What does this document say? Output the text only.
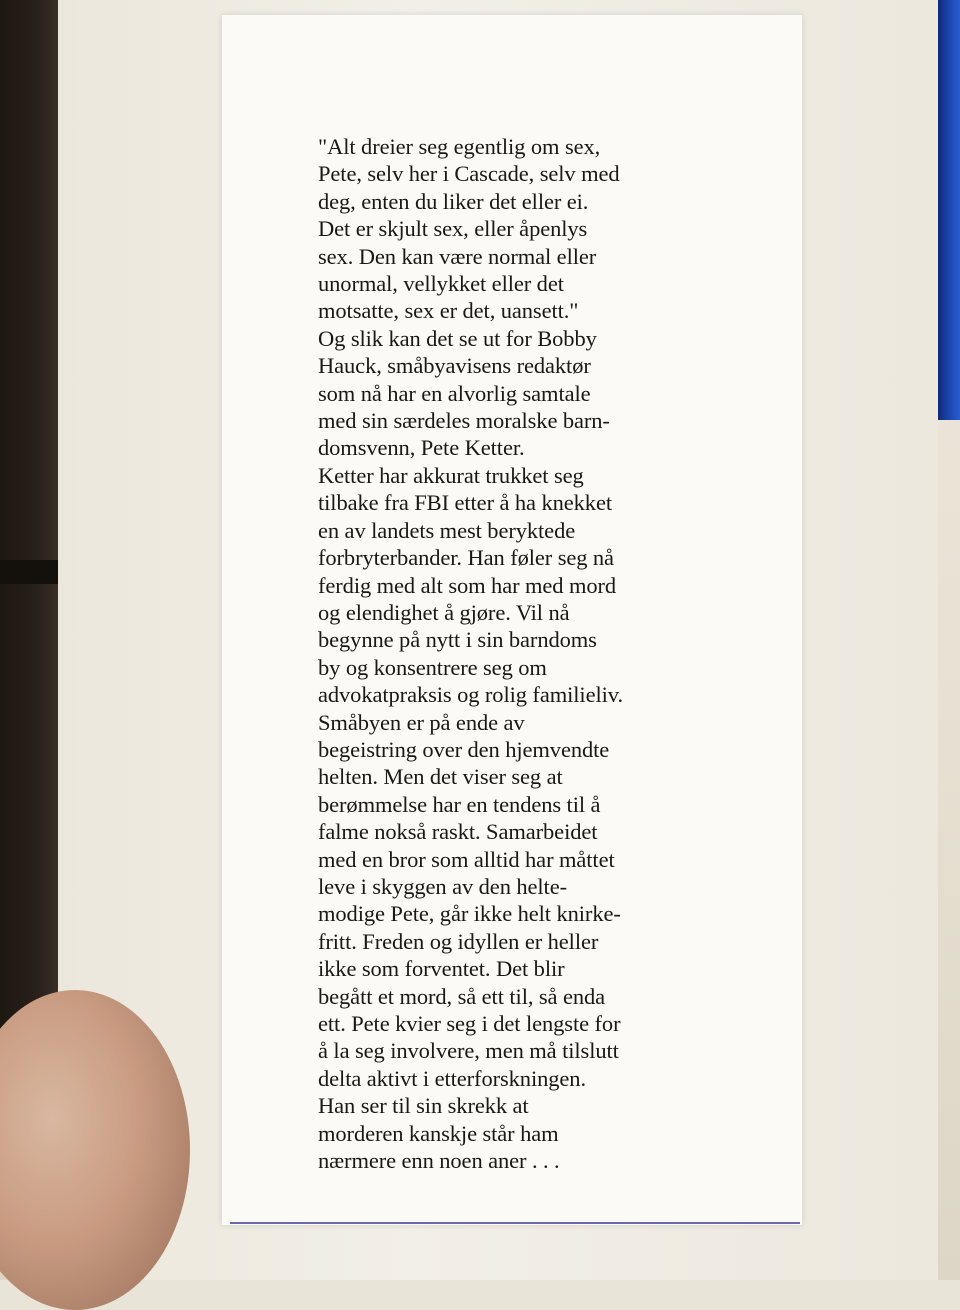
"Alt dreier seg egentlig om sex,
Pete, selv her i Cascade, selv med
deg, enten du liker det eller ei.
Det er skjult sex, eller åpenlys
sex. Den kan være normal eller
unormal, vellykket eller det
motsatte, sex er det, uansett."
Og slik kan det se ut for Bobby
Hauck, småbyavisens redaktør
som nå har en alvorlig samtale
med sin særdeles moralske barn-
domsvenn, Pete Ketter.
Ketter har akkurat trukket seg
tilbake fra FBI etter å ha knekket
en av landets mest beryktede
forbryterbander. Han føler seg nå
ferdig med alt som har med mord
og elendighet å gjøre. Vil nå
begynne på nytt i sin barndoms
by og konsentrere seg om
advokatpraksis og rolig familieliv.
Småbyen er på ende av
begeistring over den hjemvendte
helten. Men det viser seg at
berømmelse har en tendens til å
falme nokså raskt. Samarbeidet
med en bror som alltid har måttet
leve i skyggen av den helte-
modige Pete, går ikke helt knirke-
fritt. Freden og idyllen er heller
ikke som forventet. Det blir
begått et mord, så ett til, så enda
ett. Pete kvier seg i det lengste for
å la seg involvere, men må tilslutt
delta aktivt i etterforskningen.
Han ser til sin skrekk at
morderen kanskje står ham
nærmere enn noen aner . . .
